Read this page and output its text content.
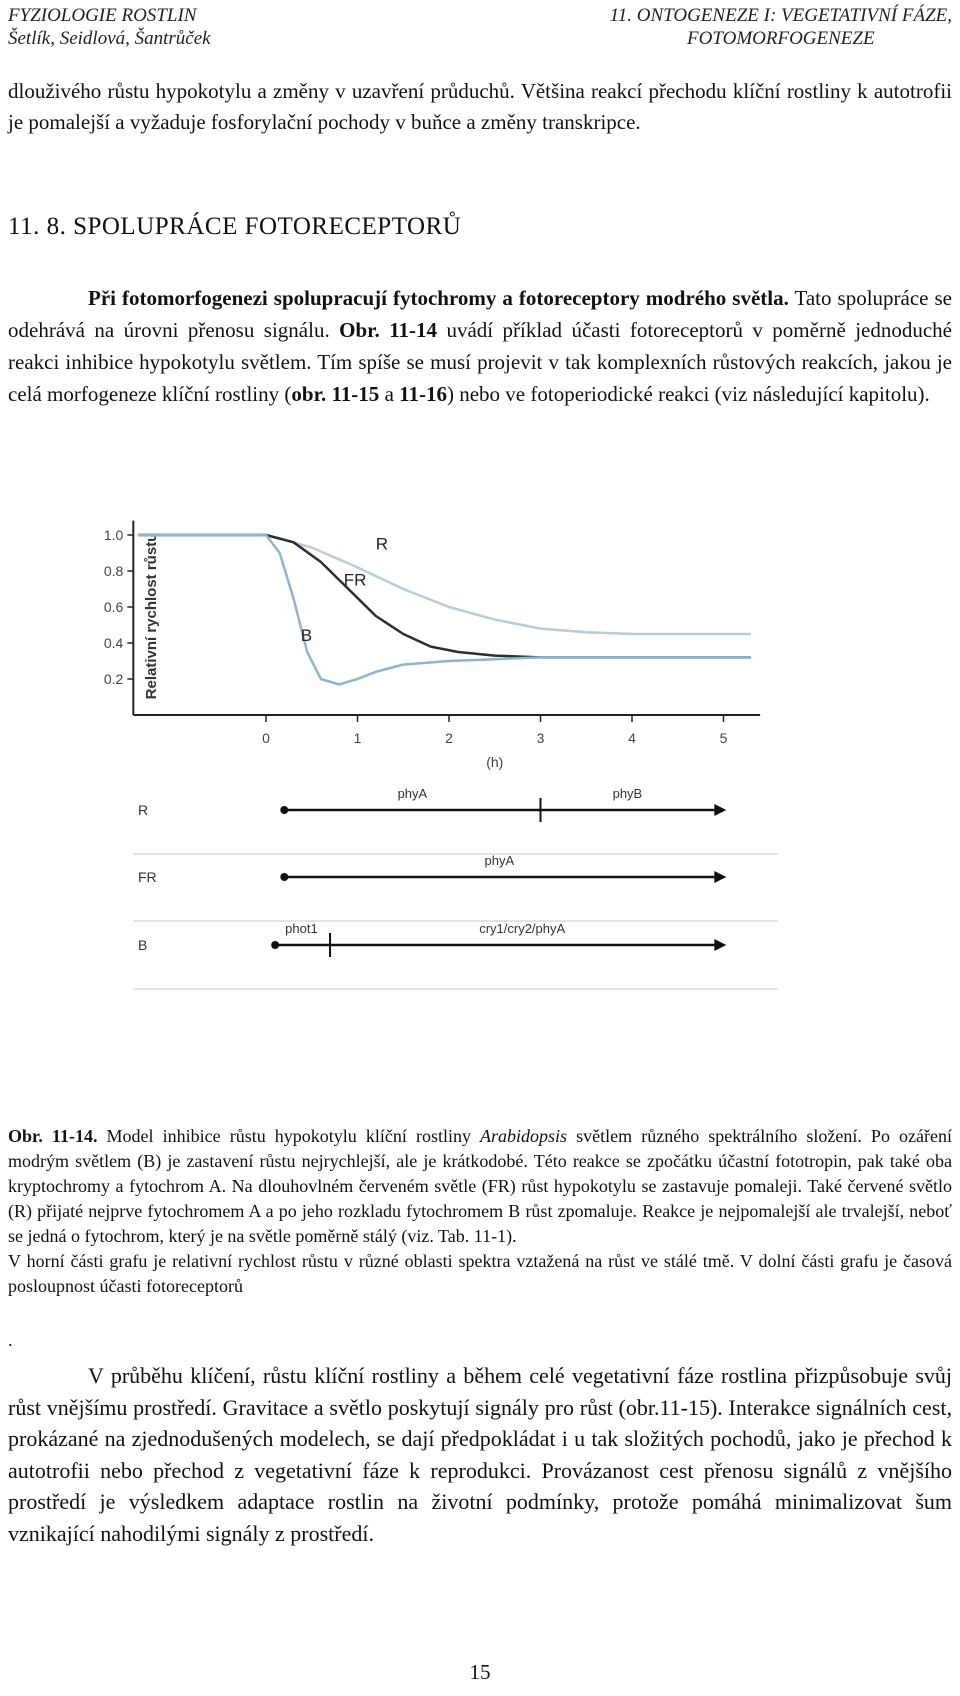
FYZIOLOGIE ROSTLIN
Šetlík, Seidlová, Šantrůček
11. ONTOGENEZE I: VEGETATIVNÍ FÁZE,
FOTOMORFOGENEZE

dlouživého růstu hypokotylu a změny v uzavření průduchů. Většina reakcí přechodu klíční rostliny k autotrofii je pomalejší a vyžaduje fosforylační pochody v buňce a změny transkripce.

11. 8. SPOLUPRÁCE FOTORECEPTORŮ

Při fotomorfogenezi spolupracují fytochromy a fotoreceptory modrého světla. Tato spolupráce se odehrává na úrovni přenosu signálu. Obr. 11-14 uvádí příklad účasti fotoreceptorů v poměrně jednoduché reakci inhibice hypokotylu světlem. Tím spíše se musí projevit v tak komplexních růstových reakcích, jakou je celá morfogeneze klíční rostliny (obr. 11-15 a 11-16) nebo ve fotoperiodické reakci (viz následující kapitolu).

Relativní rychlost růstu
1.0
0.8
0.6
0.4
0.2
0	1	2	3	4	5
(h)
R
FR
B
R
phyA	phyB
FR
phyA
B
phot1	cry1/cry2/phyA

Obr. 11-14. Model inhibice růstu hypokotylu klíční rostliny Arabidopsis světlem různého spektrálního složení. Po ozáření modrým světlem (B) je zastavení růstu nejrychlejší, ale je krátkodobé. Této reakce se zpočátku účastní fototropin, pak také oba kryptochromy a fytochrom A. Na dlouhovlném červeném světle (FR) růst hypokotylu se zastavuje pomaleji. Také červené světlo (R) přijaté nejprve fytochromem A a po jeho rozkladu fytochromem B růst zpomaluje. Reakce je nejpomalejší ale trvalejší, neboť se jedná o fytochrom, který je na světle poměrně stálý (viz. Tab. 11-1).

V horní části grafu je relativní rychlost růstu v různé oblasti spektra vztažená na růst ve stálé tmě. V dolní části grafu je časová posloupnost účasti fotoreceptorů

.

V průběhu klíčení, růstu klíční rostliny a během celé vegetativní fáze rostlina přizpůsobuje svůj růst vnějšímu prostředí. Gravitace a světlo poskytují signály pro růst (obr.11-15). Interakce signálních cest, prokázané na zjednodušených modelech, se dají předpokládat i u tak složitých pochodů, jako je přechod k autotrofii nebo přechod z vegetativní fáze k reprodukci. Provázanost cest přenosu signálů z vnějšího prostředí je výsledkem adaptace rostlin na životní podmínky, protože pomáhá minimalizovat šum vznikající nahodilými signály z prostředí.

15
